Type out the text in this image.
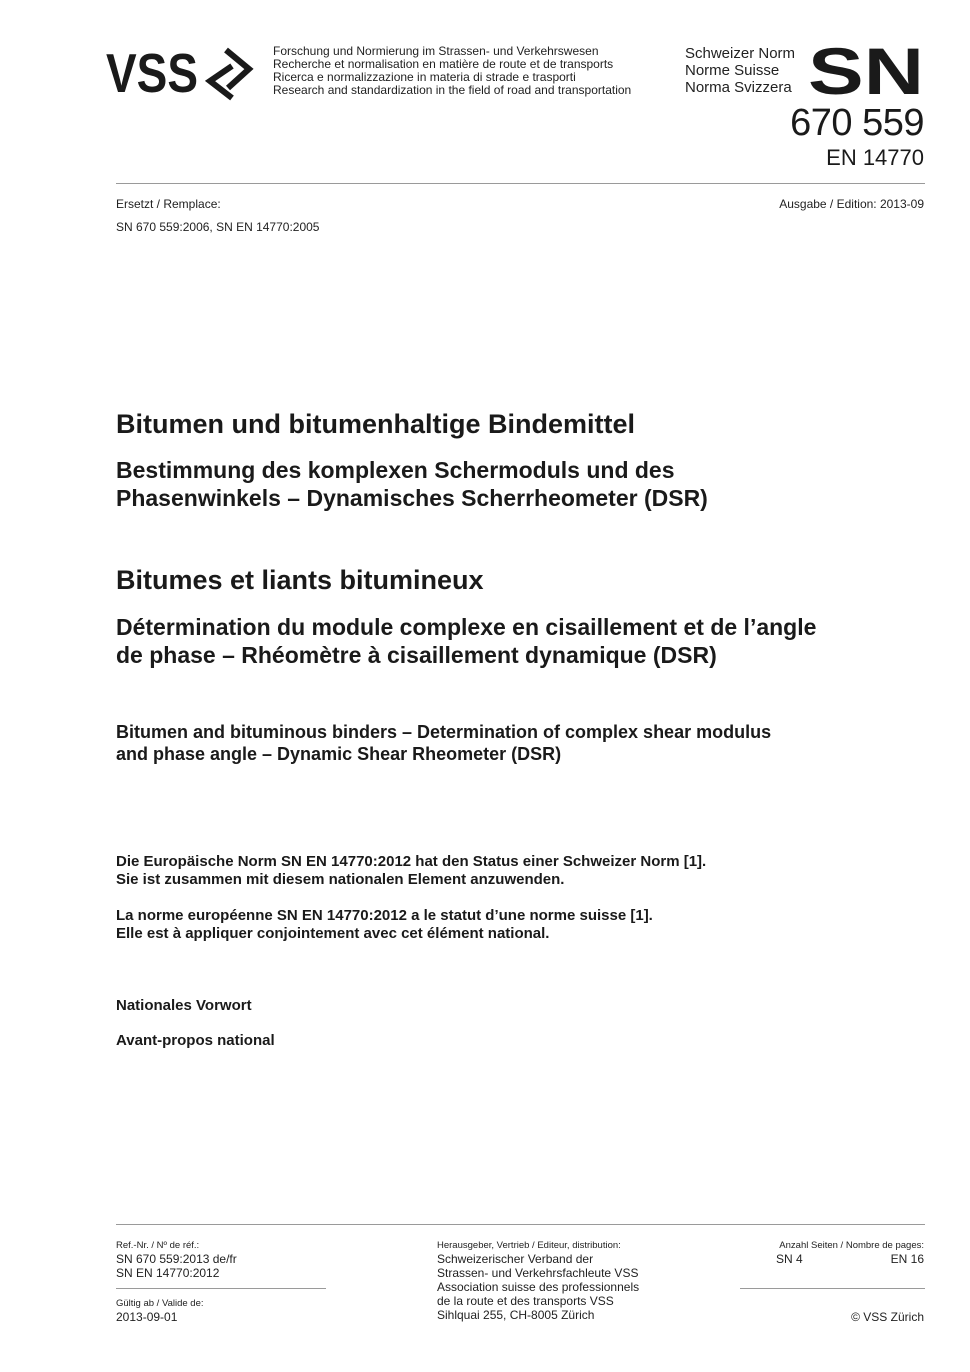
VSS	Forschung und Normierung im Strassen- und Verkehrswesen
Recherche et normalisation en matière de route et de transports
Ricerca e normalizzazione in materia di strade e trasporti
Research and standardization in the field of road and transportation
Schweizer Norm
Norme Suisse
Norma Svizzera SN
670 559
EN 14770
Ersetzt / Remplace:
SN 670 559:2006, SN EN 14770:2005
Ausgabe / Edition: 2013-09
Bitumen und bitumenhaltige Bindemittel
Bestimmung des komplexen Schermoduls und des
Phasenwinkels – Dynamisches Scherrheometer (DSR)
Bitumes et liants bitumineux
Détermination du module complexe en cisaillement et de l’angle
de phase – Rhéomètre à cisaillement dynamique (DSR)
Bitumen and bituminous binders – Determination of complex shear modulus
and phase angle – Dynamic Shear Rheometer (DSR)
Die Europäische Norm SN EN 14770:2012 hat den Status einer Schweizer Norm [1].
Sie ist zusammen mit diesem nationalen Element anzuwenden.
La norme européenne SN EN 14770:2012 a le statut d’une norme suisse [1].
Elle est à appliquer conjointement avec cet élément national.
Nationales Vorwort
Avant-propos national
Ref.-Nr. / Nº de réf.:
SN 670 559:2013 de/fr
SN EN 14770:2012
Gültig ab / Valide de:
2013-09-01
Herausgeber, Vertrieb / Editeur, distribution:
Schweizerischer Verband der
Strassen- und Verkehrsfachleute VSS
Association suisse des professionnels
de la route et des transports VSS
Sihlquai 255, CH-8005 Zürich
Anzahl Seiten / Nombre de pages:
SN 4	EN 16
© VSS Zürich
